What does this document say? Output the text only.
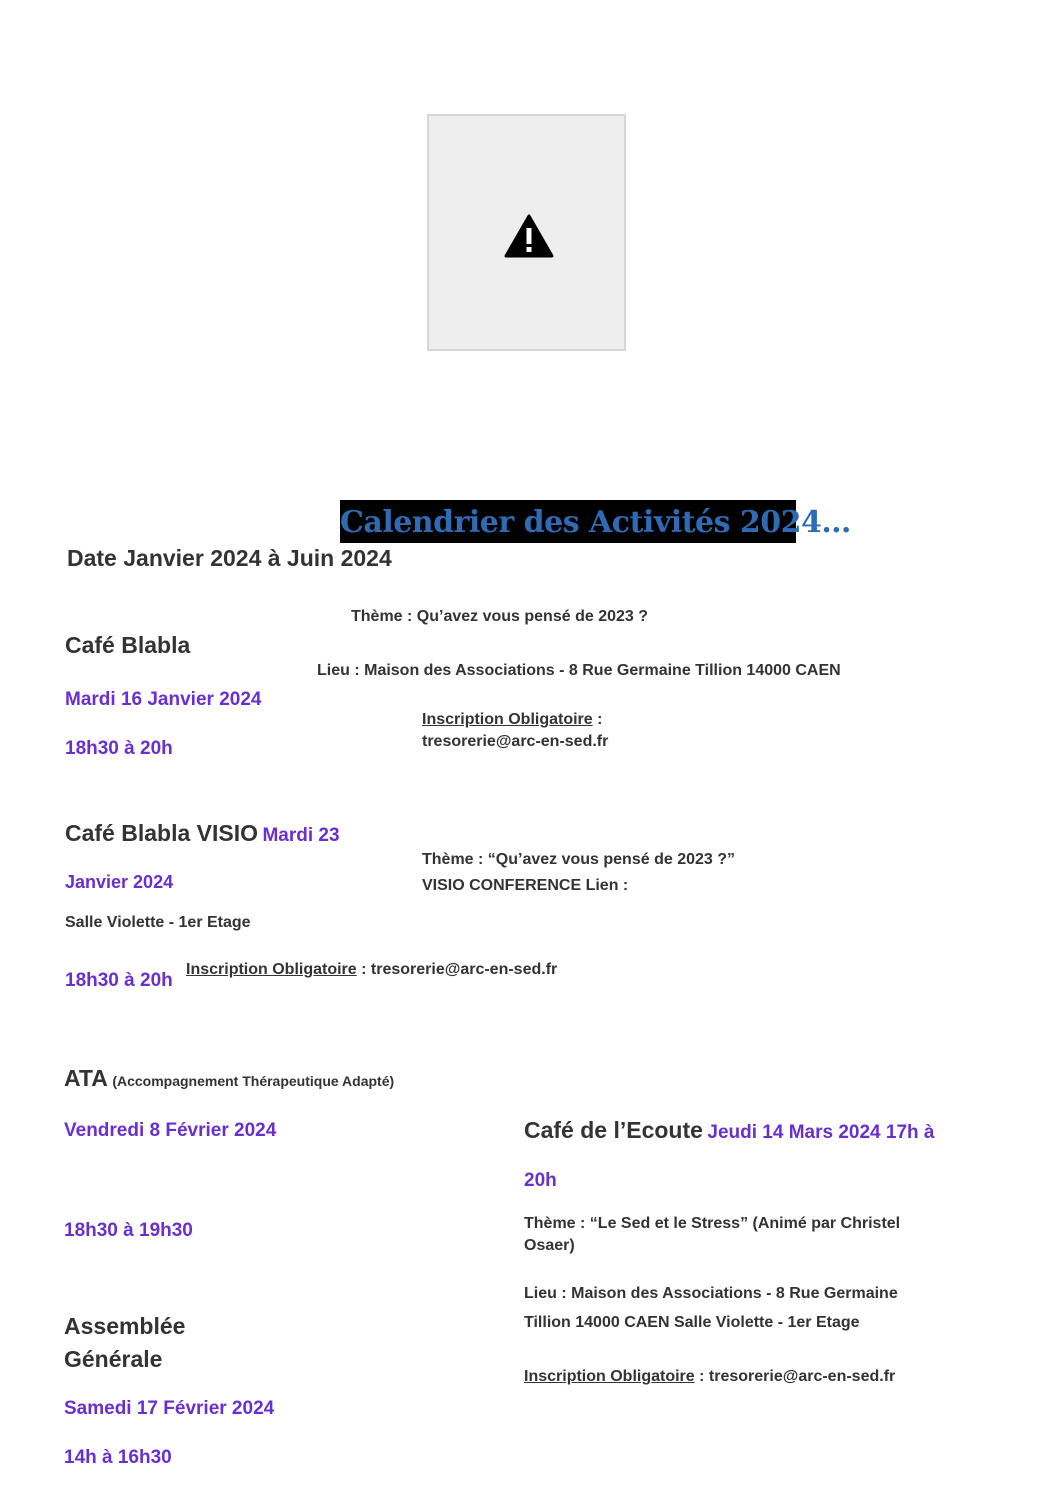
Calendrier des Activités 2024…
Date Janvier 2024 à Juin 2024
Thème : Qu’avez vous pensé de 2023 ?
Café Blabla
Lieu : Maison des Associations - 8 Rue Germaine Tillion 14000 CAEN
Mardi 16 Janvier 2024
Inscription Obligatoire :
tresorerie@arc-en-sed.fr
18h30 à 20h
Café Blabla VISIO Mardi 23
Thème : “Qu’avez vous pensé de 2023 ?”
Janvier 2024	VISIO CONFERENCE Lien :
Salle Violette - 1er Etage
18h30 à 20h
Inscription Obligatoire : tresorerie@arc-en-sed.fr
ATA (Accompagnement Thérapeutique Adapté)
Vendredi 8 Février 2024
18h30 à 19h30
Café de l’Ecoute Jeudi 14 Mars 2024 17h à
20h
Thème : “Le Sed et le Stress” (Animé par Christel
Osaer)
Lieu : Maison des Associations - 8 Rue Germaine
Tillion 14000 CAEN Salle Violette - 1er Etage
Inscription Obligatoire : tresorerie@arc-en-sed.fr
Assemblée
Générale
Samedi 17 Février 2024
14h à 16h30
